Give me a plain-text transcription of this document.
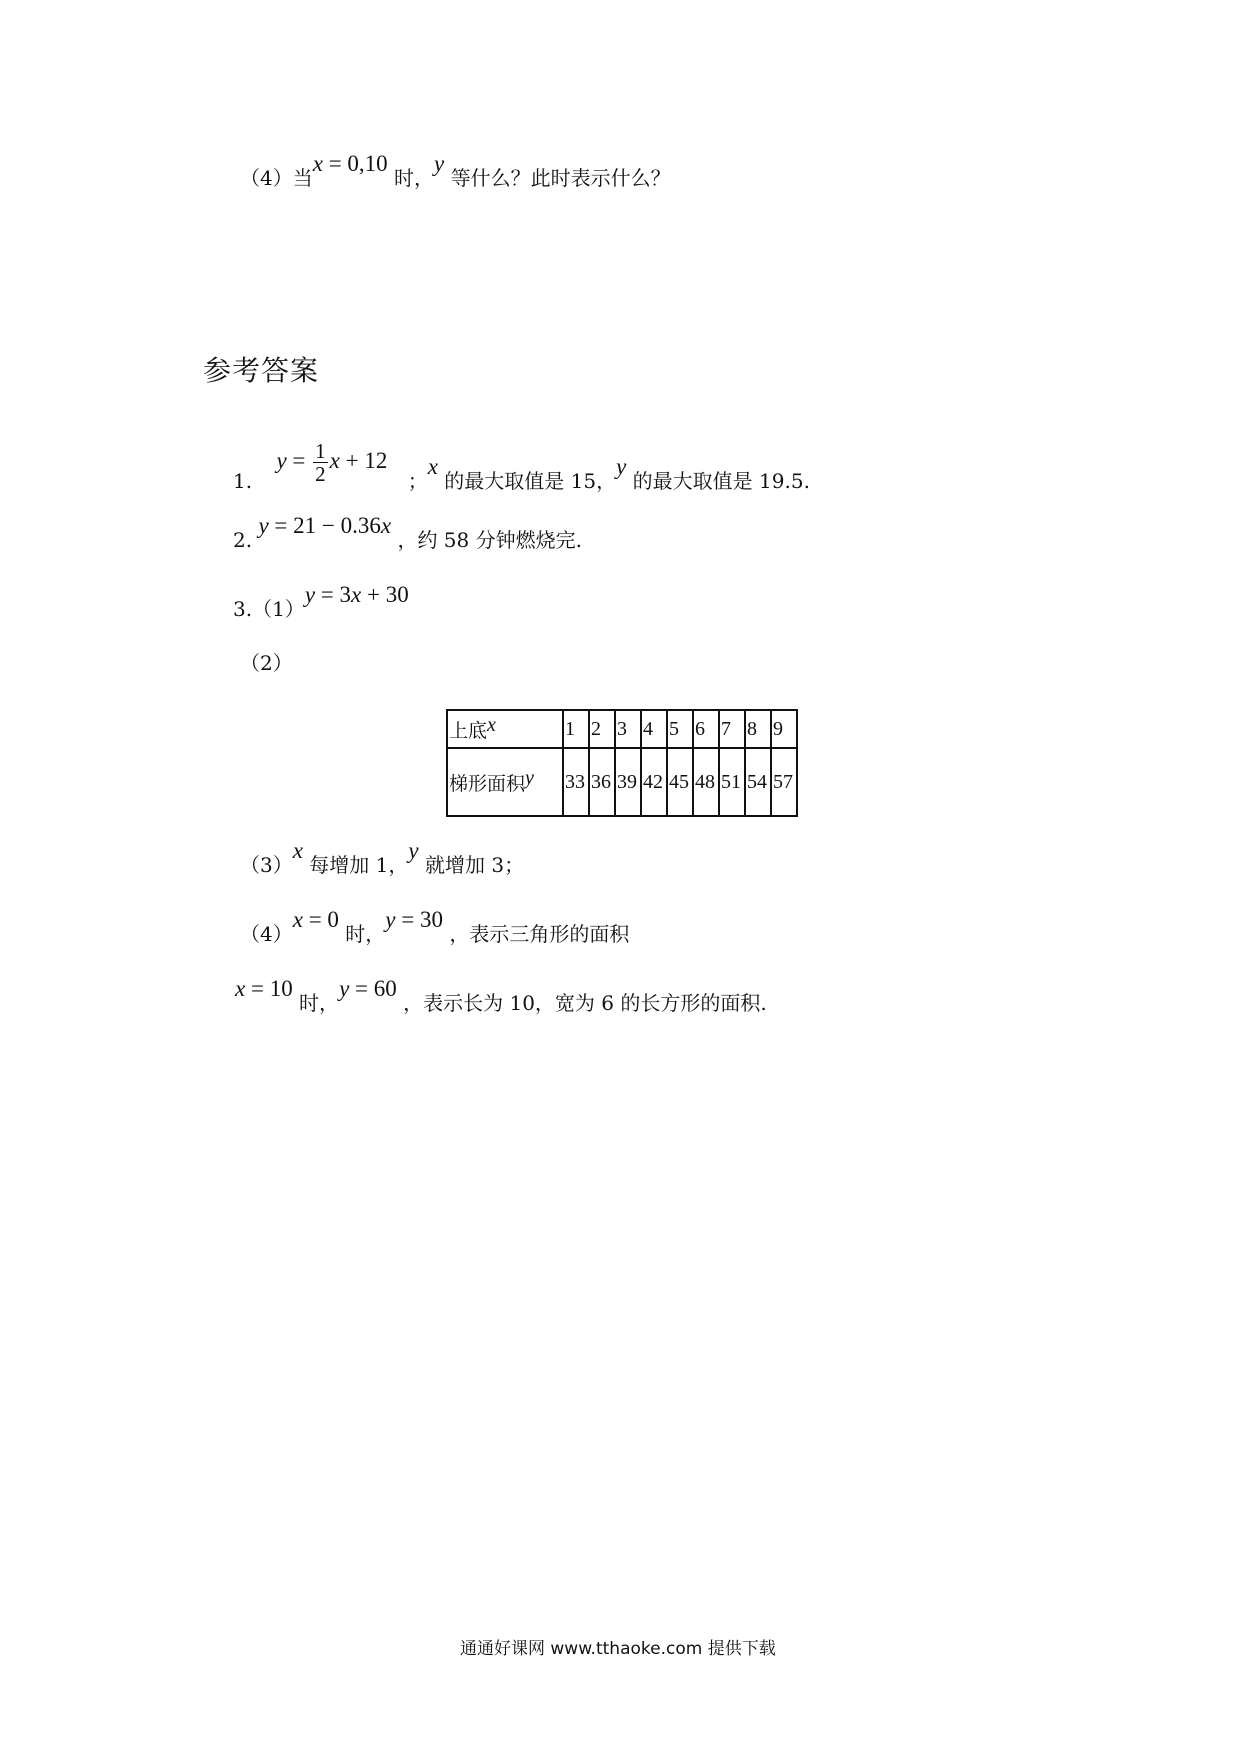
（4）当x = 0,10 时，y 等什么？此时表示什么？
参考答案
1. $y = \frac{1}{2}$ x + 12 ；x 的最大取值是 15，y 的最大取值是 19.5.
2. y = 21 − 0.36x ，约 58 分钟燃烧完.
3.（1）y = 3x + 30
（2）
上底x	1	2	3	4	5	6	7	8	9
梯形面积y	33	36	39	42	45	48	51	54	57
（3）x 每增加 1，y 就增加 3；
（4）x = 0 时，y = 30 ，表示三角形的面积
x = 10 时，y = 60 ，表示长为 10，宽为 6 的长方形的面积.
通通好课网 www.tthaoke.com 提供下载
